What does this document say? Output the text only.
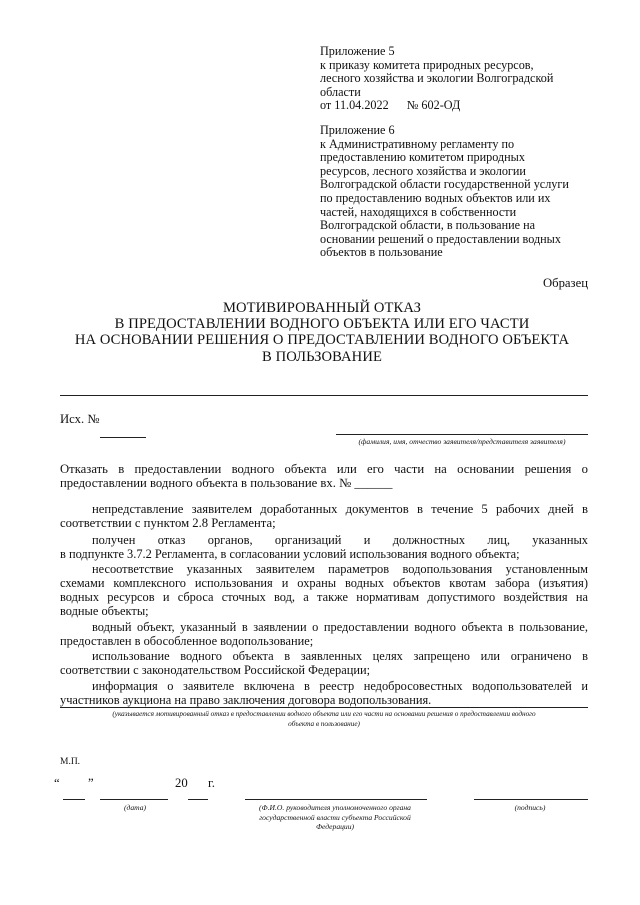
Приложение 5
к приказу комитета природных ресурсов,
лесного хозяйства и экологии Волгоградской
области
от 11.04.2022 № 602-ОД
Приложение 6
к Административному регламенту по
предоставлению комитетом природных
ресурсов, лесного хозяйства и экологии
Волгоградской области государственной услуги
по предоставлению водных объектов или их
частей, находящихся в собственности
Волгоградской области, в пользование на
основании решений о предоставлении водных
объектов в пользование
Образец
МОТИВИРОВАННЫЙ ОТКАЗ
В ПРЕДОСТАВЛЕНИИ ВОДНОГО ОБЪЕКТА ИЛИ ЕГО ЧАСТИ
НА ОСНОВАНИИ РЕШЕНИЯ О ПРЕДОСТАВЛЕНИИ ВОДНОГО ОБЪЕКТА
В ПОЛЬЗОВАНИЕ
Исх. №
(фамилия, имя, отчество заявителя/представителя заявителя)
Отказать в предоставлении водного объекта или его части на основании решения о
предоставлении водного объекта в пользование вх. № ______
непредставление заявителем доработанных документов в течение 5 рабочих дней в
соответствии с пунктом 2.8 Регламента;
получен отказ органов, организаций и должностных лиц, указанных
в подпункте 3.7.2 Регламента, в согласовании условий использования водного объекта;
несоответствие указанных заявителем параметров водопользования установленным
схемами комплексного использования и охраны водных объектов квотам забора (изъятия)
водных ресурсов и сброса сточных вод, а также нормативам допустимого воздействия на
водные объекты;
водный объект, указанный в заявлении о предоставлении водного объекта в пользование,
предоставлен в обособленное водопользование;
использование водного объекта в заявленных целях запрещено или ограничено в
соответствии с законодательством Российской Федерации;
информация о заявителе включена в реестр недобросовестных водопользователей и
участников аукциона на право заключения договора водопользования.
(указывается мотивированный отказ в предоставлении водного объекта или его части на основании решения о предоставлении водного
объекта в пользование)
М.П.
“ ”	20 г.
(дата)	(Ф.И.О. руководителя уполномоченного органа
государственной власти субъекта Российской
Федерации)
(подпись)
